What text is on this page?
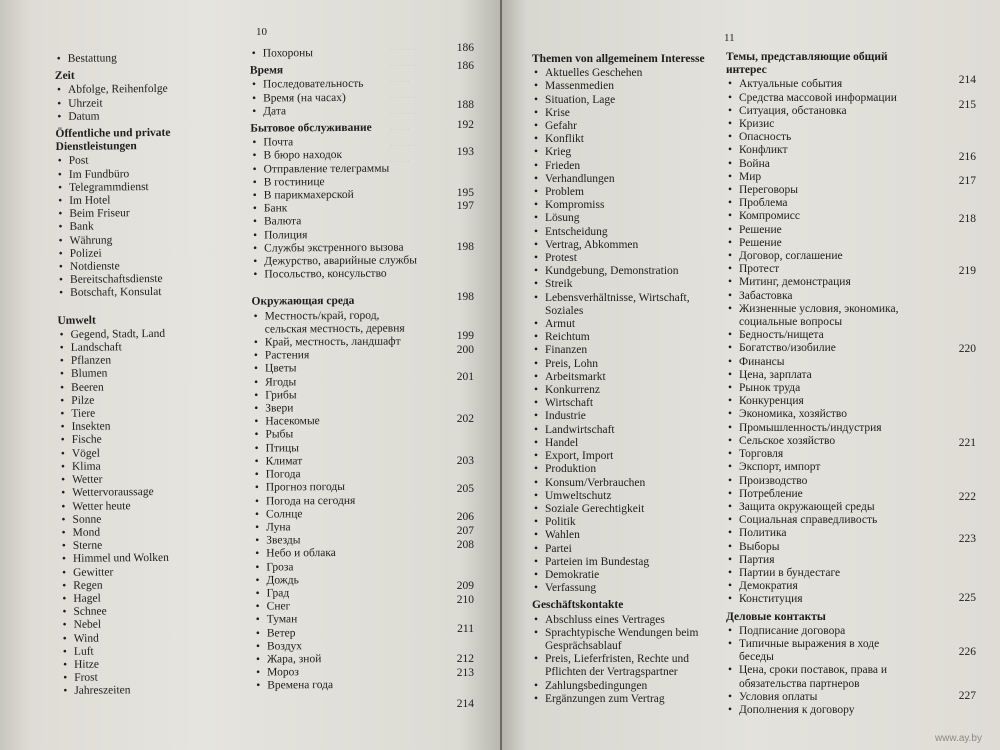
………
………
……
………
………
……
………
……
10
• Bestattung
Zeit
• Abfolge, Reihenfolge
• Uhrzeit
• Datum
Öffentliche und private Dienstleistungen
• Post
• Im Fundbüro
• Telegrammdienst
• Im Hotel
• Beim Friseur
• Bank
• Währung
• Polizei
• Notdienste
• Bereitschaftsdienste
• Botschaft, Konsulat
Umwelt
• Gegend, Stadt, Land
• Landschaft
• Pflanzen
• Blumen
• Beeren
• Pilze
• Tiere
• Insekten
• Fische
• Vögel
• Klima
• Wetter
• Wettervoraussage
• Wetter heute
• Sonne
• Mond
• Sterne
• Himmel und Wolken
• Gewitter
• Regen
• Hagel
• Schnee
• Nebel
• Wind
• Luft
• Hitze
• Frost
• Jahreszeiten
• Похороны
Время
• Последовательность
• Время (на часах)
• Дата
Бытовое обслуживание
• Почта
• В бюро находок
• Отправление телеграммы
• В гостинице
• В парикмахерской
• Банк
• Валюта
• Полиция
• Службы экстренного вызова
• Дежурство, аварийные службы
• Посольство, консульство
Окружающая среда
• Местность/край, город, сельская местность, деревня
• Край, местность, ландшафт
• Растения
• Цветы
• Ягоды
• Грибы
• Звери
• Насекомые
• Рыбы
• Птицы
• Климат
• Погода
• Прогноз погоды
• Погода на сегодня
• Солнце
• Луна
• Звезды
• Небо и облака
• Гроза
• Дождь
• Град
• Снег
• Туман
• Ветер
• Воздух
• Жара, зной
• Мороз
• Времена года
186
186
188
192
193
195
197
198
198
199
200
201
202
203
205
206
207
208
209
210
211
212
213
214
11
Themen von allgemeinem Interesse
• Aktuelles Geschehen
• Massenmedien
• Situation, Lage
• Krise
• Gefahr
• Konflikt
• Krieg
• Frieden
• Verhandlungen
• Problem
• Kompromiss
• Lösung
• Entscheidung
• Vertrag, Abkommen
• Protest
• Kundgebung, Demonstration
• Streik
• Lebensverhältnisse, Wirtschaft, Soziales
• Armut
• Reichtum
• Finanzen
• Preis, Lohn
• Arbeitsmarkt
• Konkurrenz
• Wirtschaft
• Industrie
• Landwirtschaft
• Handel
• Export, Import
• Produktion
• Konsum/Verbrauchen
• Umweltschutz
• Soziale Gerechtigkeit
• Politik
• Wahlen
• Partei
• Parteien im Bundestag
• Demokratie
• Verfassung
Geschäftskontakte
• Abschluss eines Vertrages
• Sprachtypische Wendungen beim Gesprächsablauf
• Preis, Lieferfristen, Rechte und Pflichten der Vertragspartner
• Zahlungsbedingungen
• Ergänzungen zum Vertrag
Темы, представляющие общий интерес
• Актуальные события
• Средства массовой информации
• Ситуация, обстановка
• Кризис
• Опасность
• Конфликт
• Война
• Мир
• Переговоры
• Проблема
• Компромисс
• Решение
• Решение
• Договор, соглашение
• Протест
• Митинг, демонстрация
• Забастовка
• Жизненные условия, экономика, социальные вопросы
• Бедность/нищета
• Богатство/изобилие
• Финансы
• Цена, зарплата
• Рынок труда
• Конкуренция
• Экономика, хозяйство
• Промышленность/индустрия
• Сельское хозяйство
• Торговля
• Экспорт, импорт
• Производство
• Потребление
• Защита окружающей среды
• Социальная справедливость
• Политика
• Выборы
• Партия
• Партии в бундестаге
• Демократия
• Конституция
Деловые контакты
• Подписание договора
• Типичные выражения в ходе беседы
• Цена, сроки поставок, права и обязательства партнеров
• Условия оплаты
• Дополнения к договору
214
215
216
217
218
219
220
221
222
223
225
226
227
www.ay.by
